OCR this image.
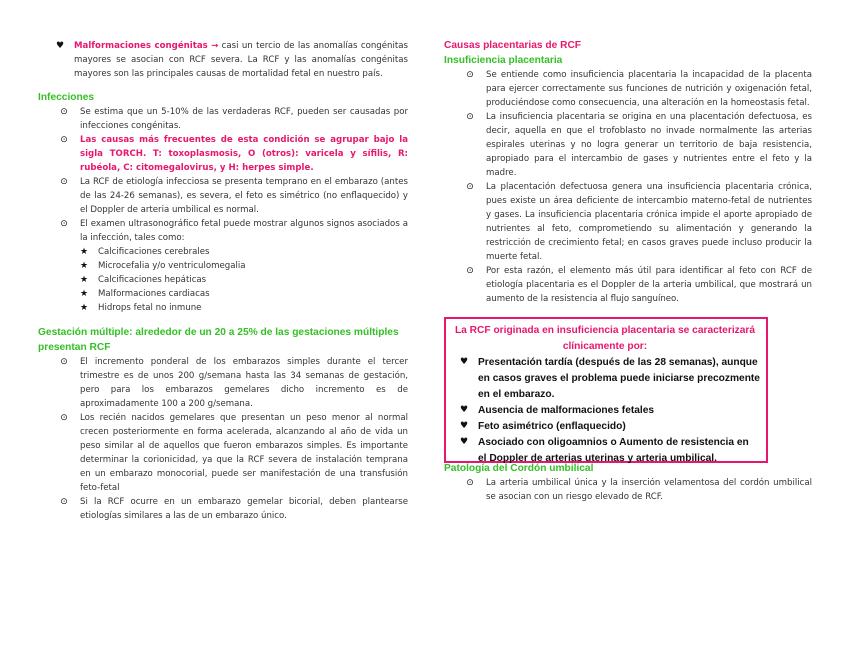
♥ Malformaciones congénitas → casi un tercio de las anomalías congénitas mayores se asocian con RCF severa. La RCF y las anomalías congénitas mayores son las principales causas de mortalidad fetal en nuestro país.

Infecciones

⊙	Se estima que un 5-10% de las verdaderas RCF, pueden ser causadas por infecciones congénitas.

⊙	Las causas más frecuentes de esta condición se agrupar bajo la sigla TORCH. T: toxoplasmosis, O (otros): varicela y sífilis, R: rubéola, C: citomegalovirus, y H: herpes simple.

⊙	La RCF de etiología infecciosa se presenta temprano en el embarazo (antes de las 24-26 semanas), es severa, el feto es simétrico (no enflaquecido) y el Doppler de arteria umbilical es normal.

⊙	El examen ultrasonográfico fetal puede mostrar algunos signos asociados a la infección, tales como:

★ Calcificaciones cerebrales

★ Microcefalia y/o ventriculomegalia

★ Calcificaciones hepáticas

★ Malformaciones cardiacas

★ Hidrops fetal no inmune

Gestación múltiple: alrededor de un 20 a 25% de las gestaciones múltiples presentan RCF

⊙	El incremento ponderal de los embarazos simples durante el tercer trimestre es de unos 200 g/semana hasta las 34 semanas de gestación, pero para los embarazos gemelares dicho incremento es de aproximadamente 100 a 200 g/semana.

⊙	Los recién nacidos gemelares que presentan un peso menor al normal crecen posteriormente en forma acelerada, alcanzando al año de vida un peso similar al de aquellos que fueron embarazos simples. Es importante determinar la corionicidad, ya que la RCF severa de instalación temprana en un embarazo monocorial, puede ser manifestación de una transfusión feto-fetal

⊙	Si la RCF ocurre en un embarazo gemelar bicorial, deben plantearse etiologías similares a las de un embarazo único.

Causas placentarias de RCF

Insuficiencia placentaria

⊙	Se entiende como insuficiencia placentaria la incapacidad de la placenta para ejercer correctamente sus funciones de nutrición y oxigenación fetal, produciéndose como consecuencia, una alteración en la homeostasis fetal.

⊙	La insuficiencia placentaria se origina en una placentación defectuosa, es decir, aquella en que el trofoblasto no invade normalmente las arterias espirales uterinas y no logra generar un territorio de baja resistencia, apropiado para el intercambio de gases y nutrientes entre el feto y la madre.

⊙	La placentación defectuosa genera una insuficiencia placentaria crónica, pues existe un área deficiente de intercambio materno-fetal de nutrientes y gases. La insuficiencia placentaria crónica impide el aporte apropiado de nutrientes al feto, comprometiendo su alimentación y generando la restricción de crecimiento fetal; en casos graves puede incluso producir la muerte fetal.

⊙	Por esta razón, el elemento más útil para identificar al feto con RCF de etiología placentaria es el Doppler de la arteria umbilical, que mostrará un aumento de la resistencia al flujo sanguíneo.

La RCF originada en insuficiencia placentaria se caracterizará clínicamente por:

♥ Presentación tardía (después de las 28 semanas), aunque en casos graves el problema puede iniciarse precozmente en el embarazo.

♥ Ausencia de malformaciones fetales

♥ Feto asimétrico (enflaquecido)

♥ Asociado con oligoamnios o Aumento de resistencia en el Doppler de arterias uterinas y arteria umbilical.

Patología del Cordón umbilical

⊙	La arteria umbilical única y la inserción velamentosa del cordón umbilical se asocian con un riesgo elevado de RCF.
